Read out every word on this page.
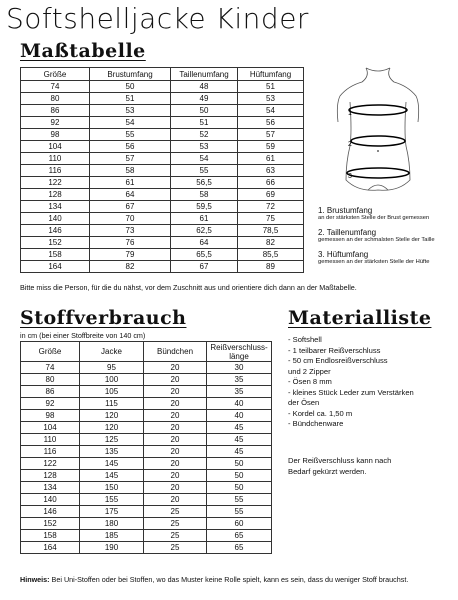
Softshelljacke Kinder
Maßtabelle
Größe	Brustumfang	Taillenumfang	Hüftumfang
74	50	48	51
80	51	49	53
86	53	50	54
92	54	51	56
98	55	52	57
104	56	53	59
110	57	54	61
116	58	55	63
122	61	56,5	66
128	64	58	69
134	67	59,5	72
140	70	61	75
146	73	62,5	78,5
152	76	64	82
158	79	65,5	85,5
164	82	67	89
Bitte miss die Person, für die du nähst, vor dem Zuschnitt aus und orientiere dich dann an der Maßtabelle.
1
2
3
1. Brustumfang
an der stärksten Stelle der Brust gemessen
2. Taillenumfang
gemessen an der schmalsten Stelle der Taille
3. Hüftumfang
gemessen an der stärksten Stelle der Hüfte
Stoffverbrauch
in cm (bei einer Stoffbreite von 140 cm)
Größe	Jacke	Bündchen	Reißverschluss-länge
74	95	20	30
80	100	20	35
86	105	20	35
92	115	20	40
98	120	20	40
104	120	20	45
110	125	20	45
116	135	20	45
122	145	20	50
128	145	20	50
134	150	20	50
140	155	20	55
146	175	25	55
152	180	25	60
158	185	25	65
164	190	25	65
Hinweis: Bei Uni-Stoffen oder bei Stoffen, wo das Muster keine Rolle spielt, kann es sein, dass du weniger Stoff brauchst.
Materialliste
- Softshell
- 1 teilbarer Reißverschluss
- 50 cm Endlosreißverschluss
und 2 Zipper
- Ösen 8 mm
- kleines Stück Leder zum Verstärken
der Ösen
- Kordel ca. 1,50 m
- Bündchenware
Der Reißverschluss kann nach
Bedarf gekürzt werden.
